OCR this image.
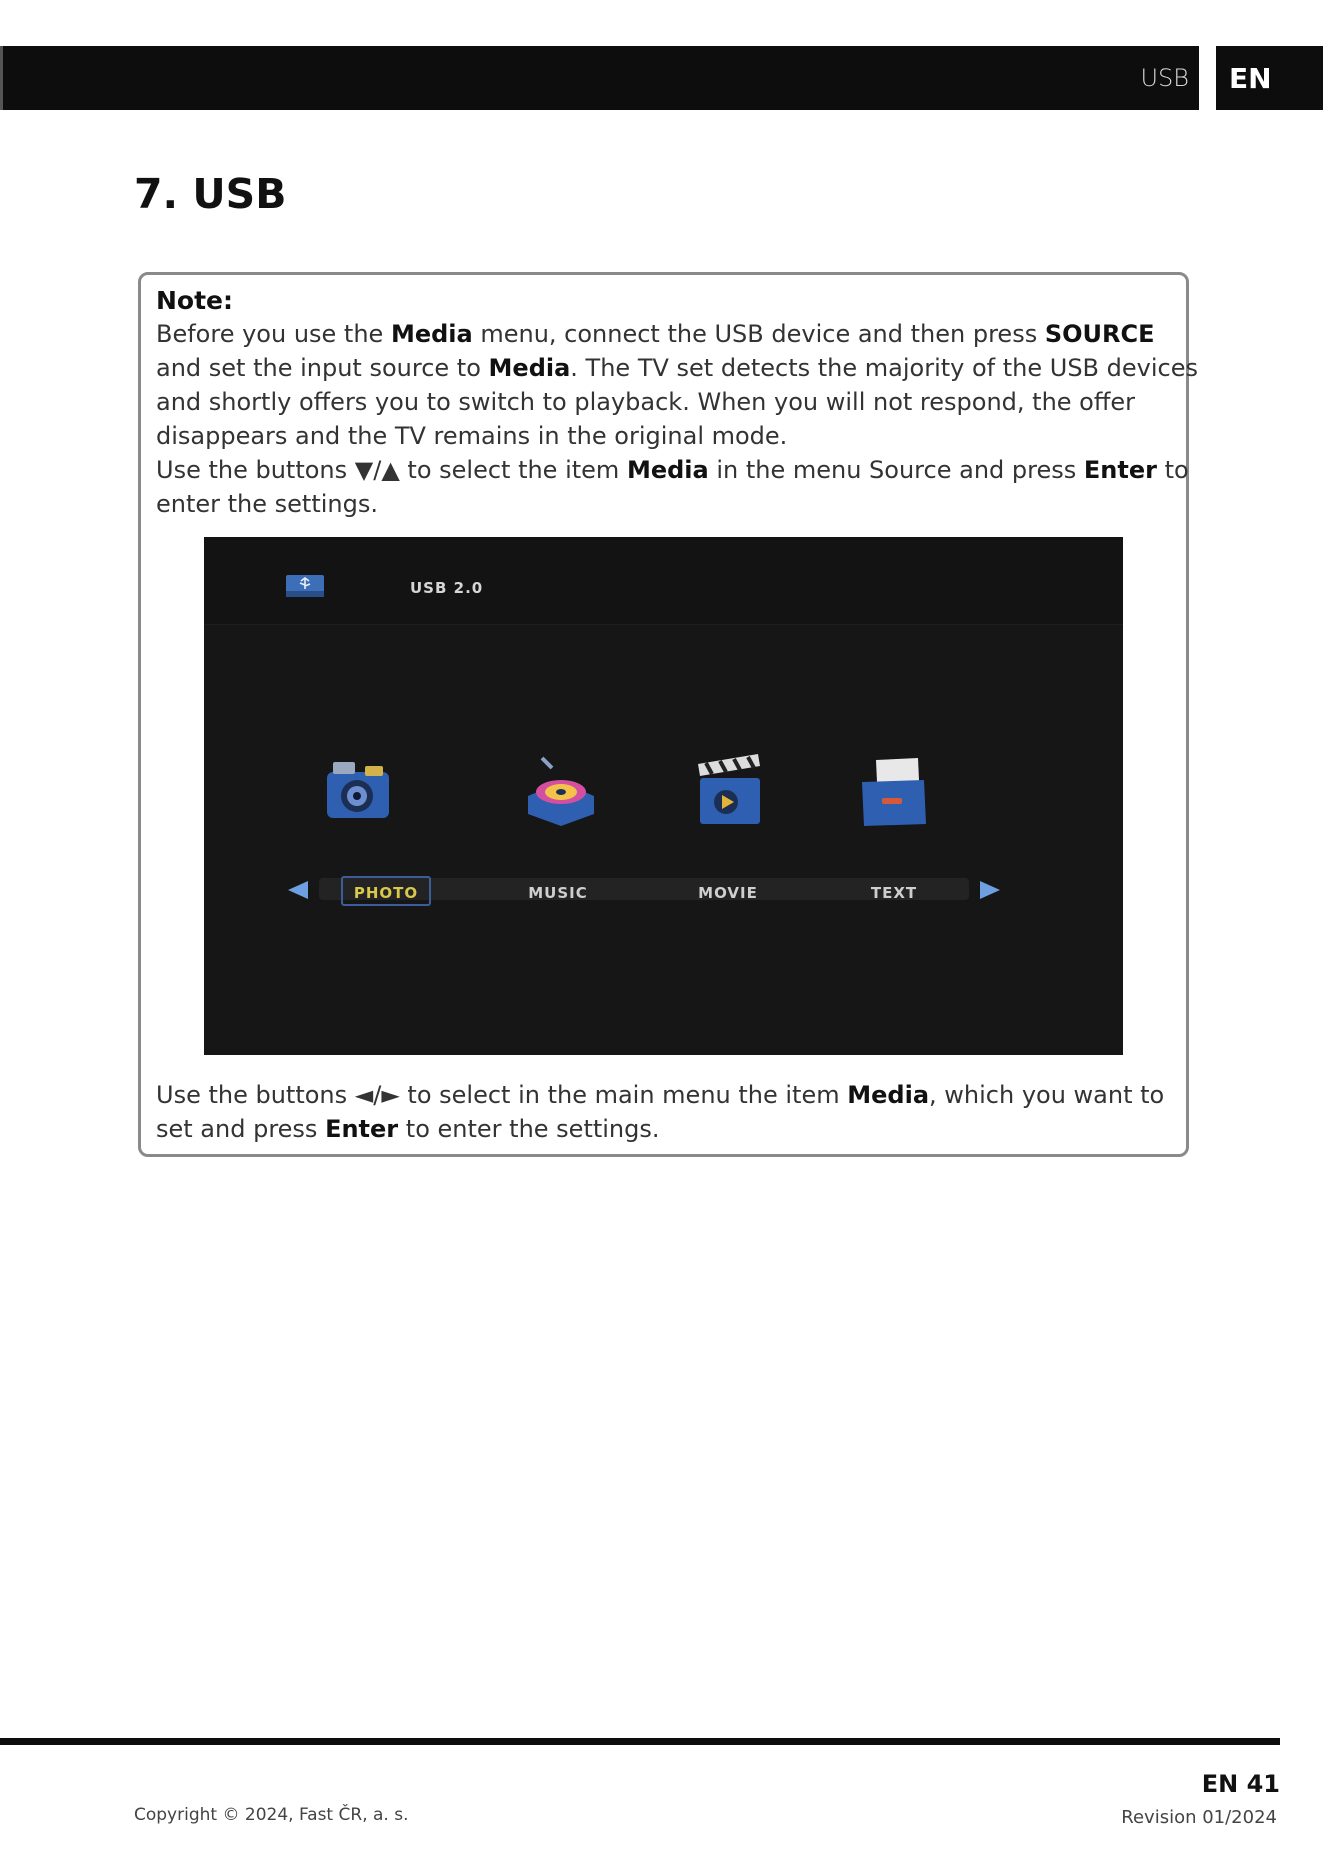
USB	EN
7. USB
Note:
Before you use the Media menu, connect the USB device and then press SOURCE
and set the input source to Media. The TV set detects the majority of the USB devices
and shortly offers you to switch to playback. When you will not respond, the offer
disappears and the TV remains in the original mode.
Use the buttons ▼/▲ to select the item Media in the menu Source and press Enter to
enter the settings.
Use the buttons ◄/► to select in the main menu the item Media, which you want to
set and press Enter to enter the settings.
USB 2.0
PHOTO	MUSIC	MOVIE	TEXT
EN 41
Copyright © 2024, Fast ČR, a. s.	Revision 01/2024
